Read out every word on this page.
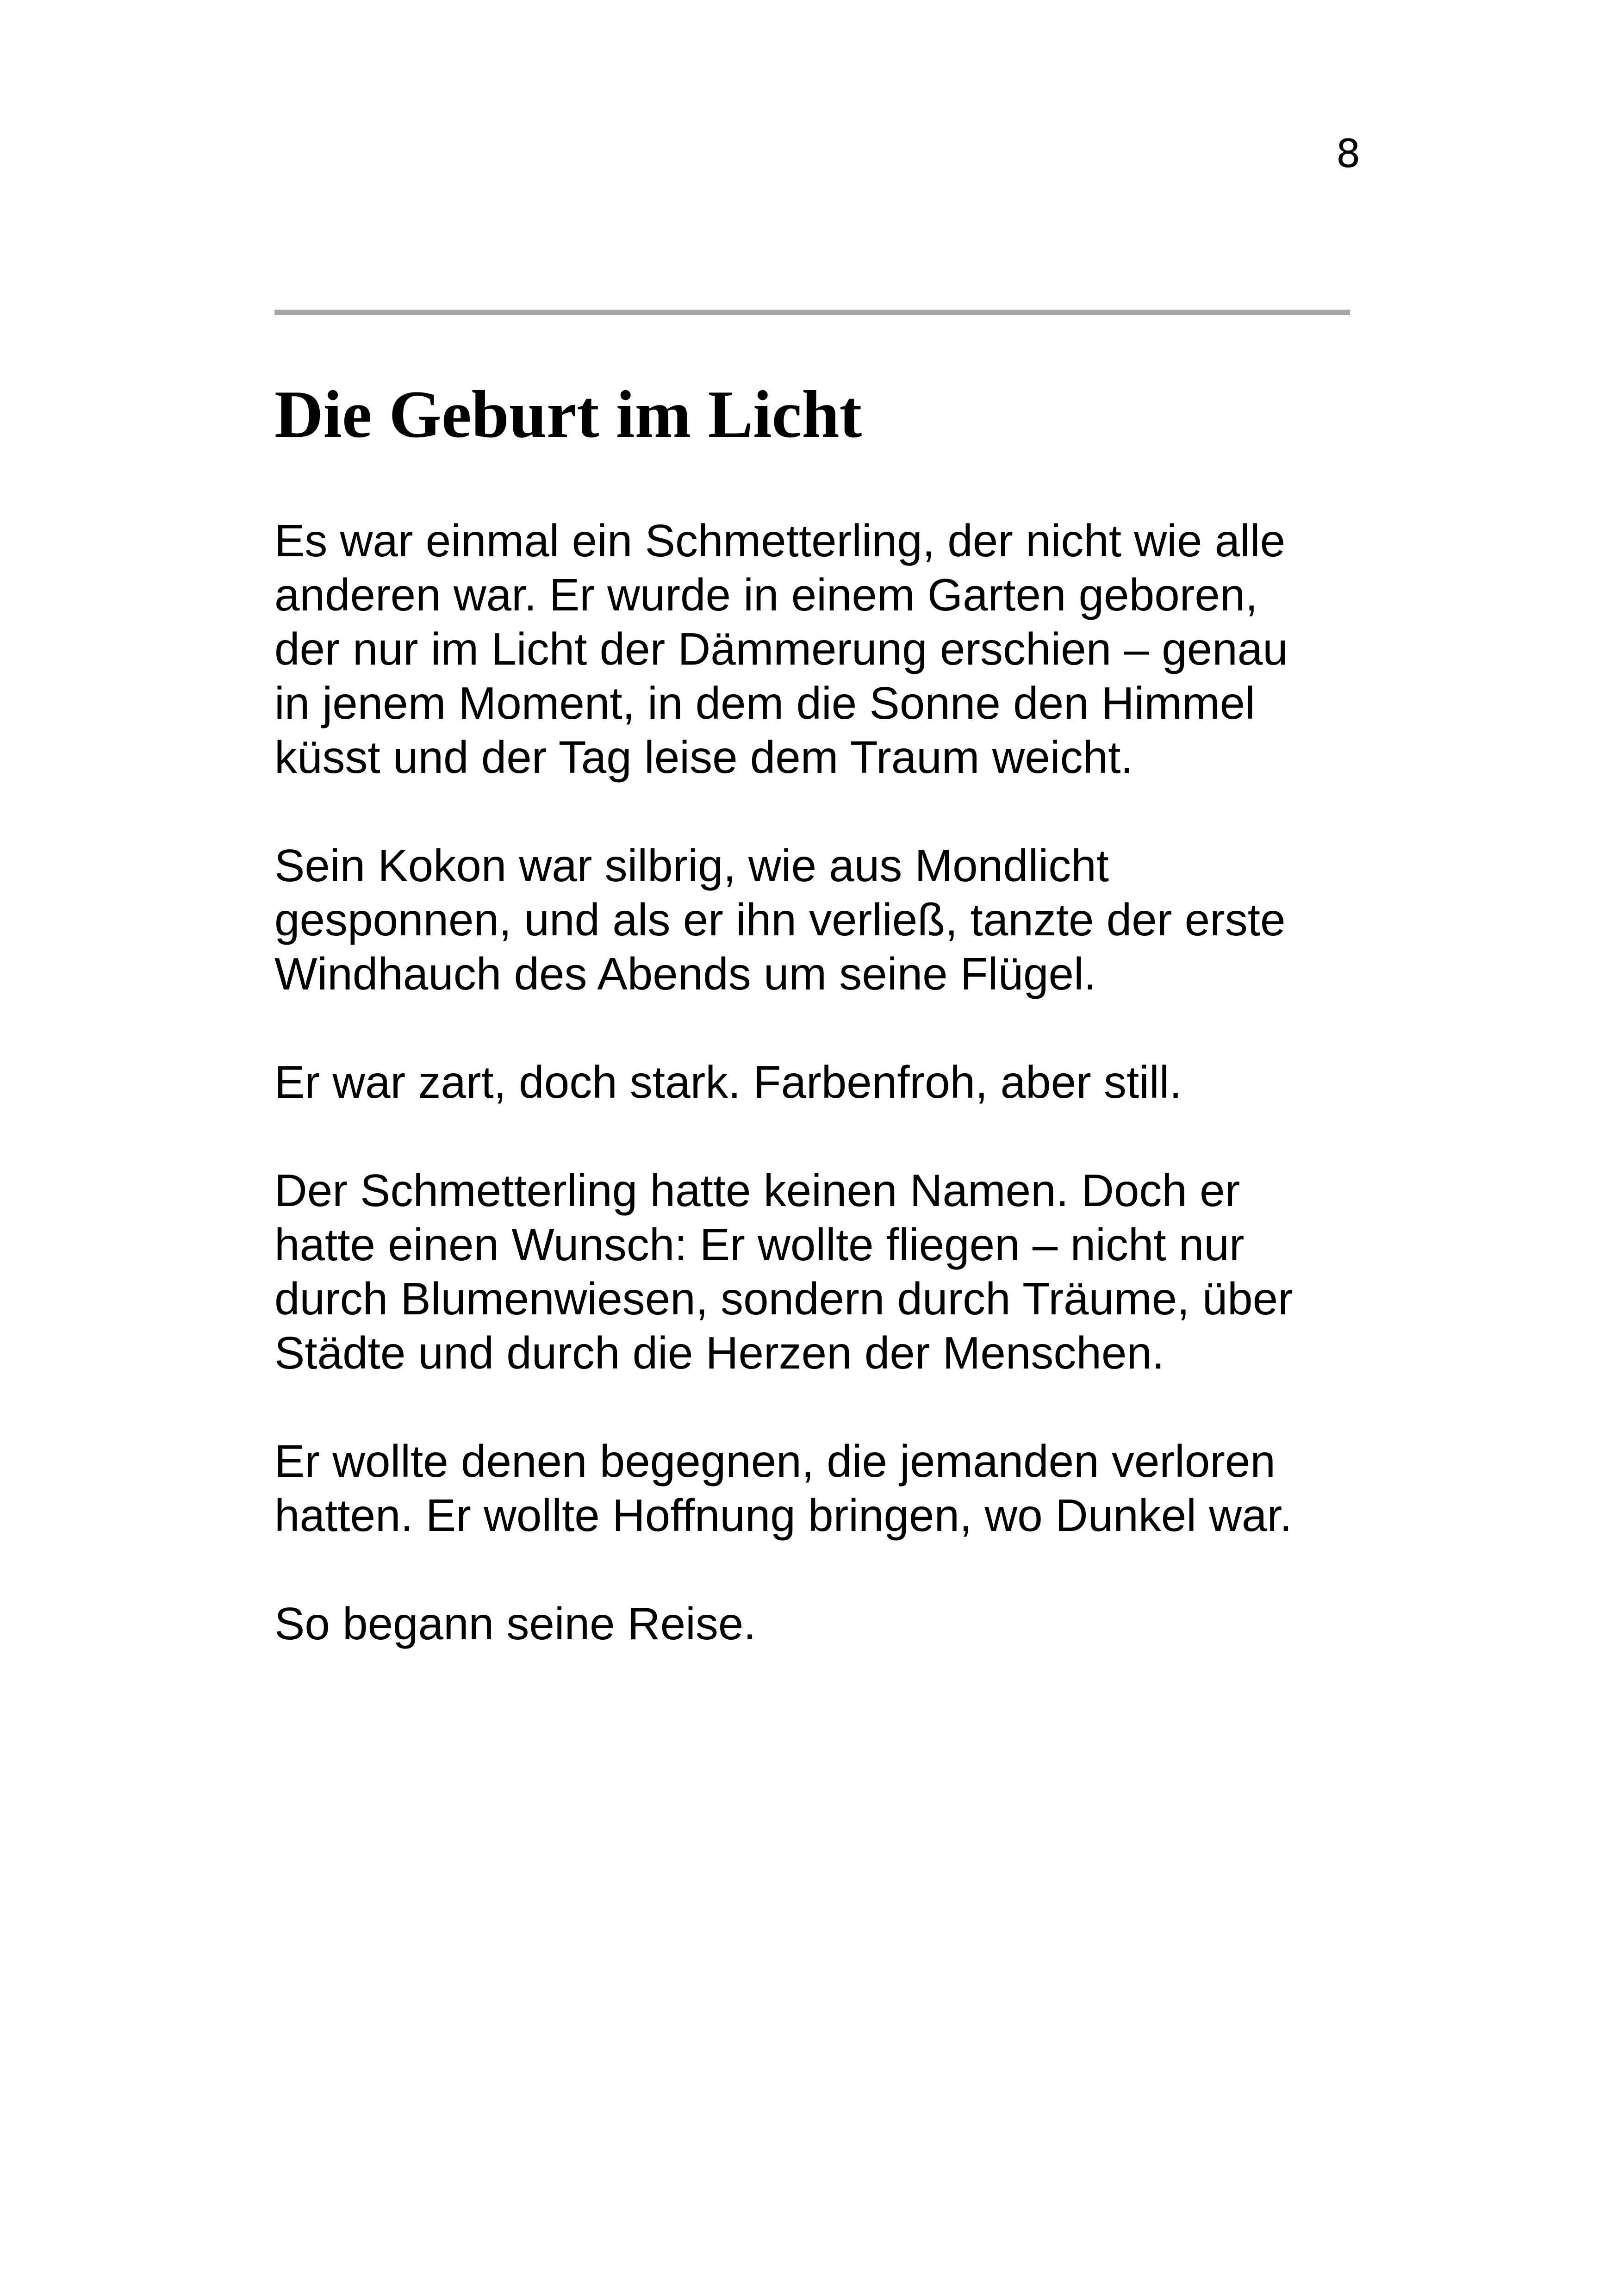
8
Die Geburt im Licht

Es war einmal ein Schmetterling, der nicht wie alle
anderen war. Er wurde in einem Garten geboren,
der nur im Licht der Dämmerung erschien – genau
in jenem Moment, in dem die Sonne den Himmel
küsst und der Tag leise dem Traum weicht.

Sein Kokon war silbrig, wie aus Mondlicht
gesponnen, und als er ihn verließ, tanzte der erste
Windhauch des Abends um seine Flügel.

Er war zart, doch stark. Farbenfroh, aber still.

Der Schmetterling hatte keinen Namen. Doch er
hatte einen Wunsch: Er wollte fliegen – nicht nur
durch Blumenwiesen, sondern durch Träume, über
Städte und durch die Herzen der Menschen.

Er wollte denen begegnen, die jemanden verloren
hatten. Er wollte Hoffnung bringen, wo Dunkel war.

So begann seine Reise.
